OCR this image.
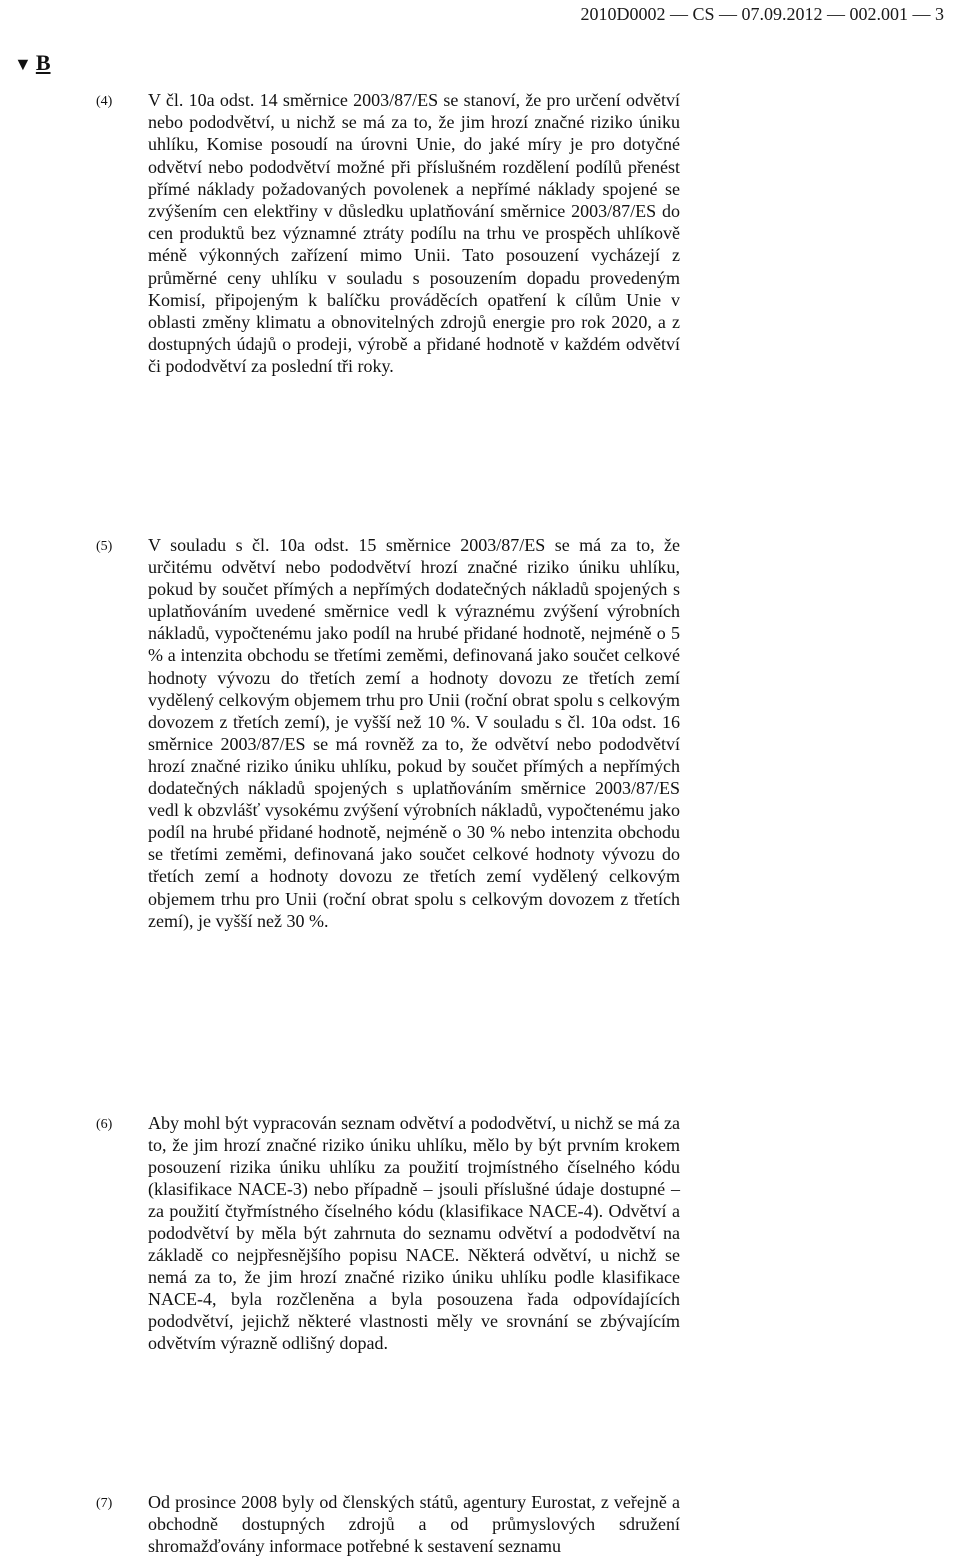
2010D0002 — CS — 07.09.2012 — 002.001 — 3
▼ B
(4) V čl. 10a odst. 14 směrnice 2003/87/ES se stanoví, že pro určení odvětví nebo pododvětví, u nichž se má za to, že jim hrozí značné riziko úniku uhlíku, Komise posoudí na úrovni Unie, do jaké míry je pro dotyčné odvětví nebo pododvětví možné při příslušném rozdělení podílů přenést přímé náklady požadovaných povolenek a nepřímé náklady spojené se zvýšením cen elektřiny v důsledku uplatňování směrnice 2003/87/ES do cen produktů bez významné ztráty podílu na trhu ve prospěch uhlíkově méně výkonných zařízení mimo Unii. Tato posouzení vycházejí z průměrné ceny uhlíku v souladu s posouzením dopadu provedeným Komisí, připojeným k balíčku prováděcích opatření k cílům Unie v oblasti změny klimatu a obnovitelných zdrojů energie pro rok 2020, a z dostupných údajů o prodeji, výrobě a přidané hodnotě v každém odvětví či pododvětví za poslední tři roky.

(5) V souladu s čl. 10a odst. 15 směrnice 2003/87/ES se má za to, že určitému odvětví nebo pododvětví hrozí značné riziko úniku uhlíku, pokud by součet přímých a nepřímých dodatečných nákladů spojených s uplatňováním uvedené směrnice vedl k výraznému zvýšení výrobních nákladů, vypočtenému jako podíl na hrubé přidané hodnotě, nejméně o 5 % a intenzita obchodu se třetími zeměmi, definovaná jako součet celkové hodnoty vývozu do třetích zemí a hodnoty dovozu ze třetích zemí vydělený celkovým objemem trhu pro Unii (roční obrat spolu s celkovým dovozem z třetích zemí), je vyšší než 10 %. V souladu s čl. 10a odst. 16 směrnice 2003/87/ES se má rovněž za to, že odvětví nebo pododvětví hrozí značné riziko úniku uhlíku, pokud by součet přímých a nepřímých dodatečných nákladů spojených s uplatňováním směrnice 2003/87/ES vedl k obzvlášť vysokému zvýšení výrobních nákladů, vypočtenému jako podíl na hrubé přidané hodnotě, nejméně o 30 % nebo intenzita obchodu se třetími zeměmi, definovaná jako součet celkové hodnoty vývozu do třetích zemí a hodnoty dovozu ze třetích zemí vydělený celkovým objemem trhu pro Unii (roční obrat spolu s celkovým dovozem z třetích zemí), je vyšší než 30 %.

(6) Aby mohl být vypracován seznam odvětví a pododvětví, u nichž se má za to, že jim hrozí značné riziko úniku uhlíku, mělo by být prvním krokem posouzení rizika úniku uhlíku za použití trojmístného číselného kódu (klasifikace NACE-3) nebo případně – jsouli příslušné údaje dostupné – za použití čtyřmístného číselného kódu (klasifikace NACE-4). Odvětví a pododvětví by měla být zahrnuta do seznamu odvětví a pododvětví na základě co nejpřesnějšího popisu NACE. Některá odvětví, u nichž se nemá za to, že jim hrozí značné riziko úniku uhlíku podle klasifikace NACE-4, byla rozčleněna a byla posouzena řada odpovídajících pododvětví, jejichž některé vlastnosti měly ve srovnání se zbývajícím odvětvím výrazně odlišný dopad.

(7) Od prosince 2008 byly od členských států, agentury Eurostat, z veřejně a obchodně dostupných zdrojů a od průmyslových sdružení shromažďovány informace potřebné k sestavení seznamu
